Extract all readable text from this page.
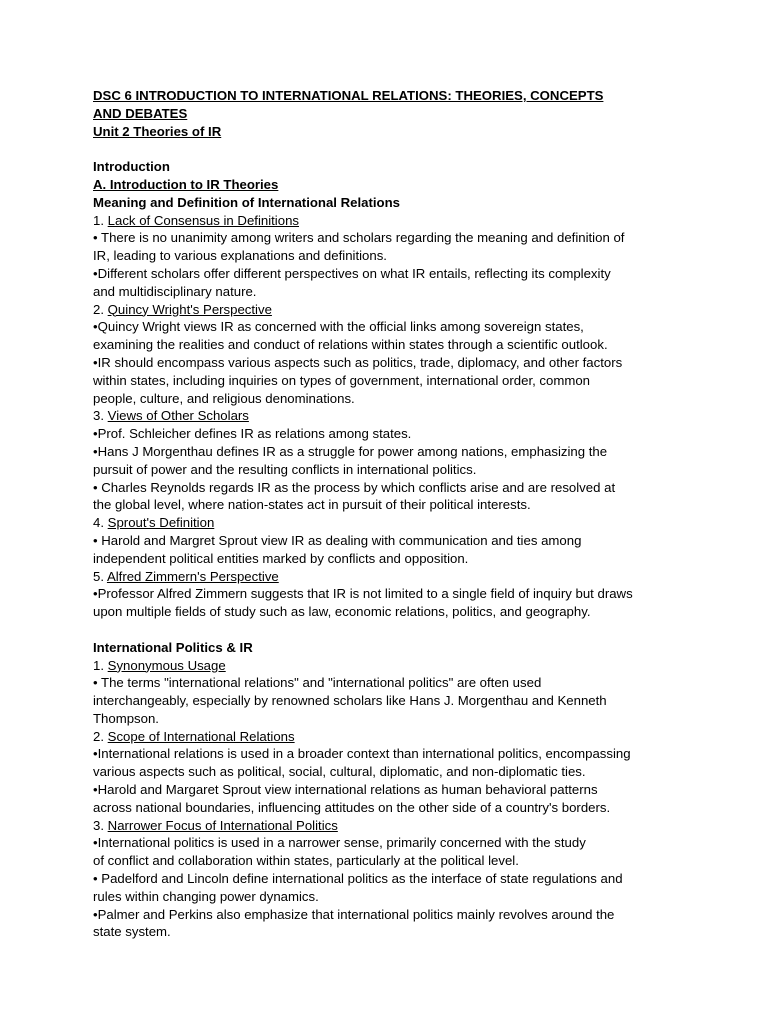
DSC 6 INTRODUCTION TO INTERNATIONAL RELATIONS: THEORIES, CONCEPTS
AND DEBATES
Unit 2 Theories of IR
Introduction
A. Introduction to IR Theories
Meaning and Definition of International Relations
1. Lack of Consensus in Definitions
• There is no unanimity among writers and scholars regarding the meaning and definition of
IR, leading to various explanations and definitions.
•Different scholars offer different perspectives on what IR entails, reflecting its complexity
and multidisciplinary nature.
2. Quincy Wright's Perspective
•Quincy Wright views IR as concerned with the official links among sovereign states,
examining the realities and conduct of relations within states through a scientific outlook.
•IR should encompass various aspects such as politics, trade, diplomacy, and other factors
within states, including inquiries on types of government, international order, common
people, culture, and religious denominations.
3. Views of Other Scholars
•Prof. Schleicher defines IR as relations among states.
•Hans J Morgenthau defines IR as a struggle for power among nations, emphasizing the
pursuit of power and the resulting conflicts in international politics.
• Charles Reynolds regards IR as the process by which conflicts arise and are resolved at
the global level, where nation-states act in pursuit of their political interests.
4. Sprout's Definition
• Harold and Margret Sprout view IR as dealing with communication and ties among
independent political entities marked by conflicts and opposition.
5. Alfred Zimmern's Perspective
•Professor Alfred Zimmern suggests that IR is not limited to a single field of inquiry but draws
upon multiple fields of study such as law, economic relations, politics, and geography.
International Politics & IR
1. Synonymous Usage
• The terms "international relations" and "international politics" are often used
interchangeably, especially by renowned scholars like Hans J. Morgenthau and Kenneth
Thompson.
2. Scope of International Relations
•International relations is used in a broader context than international politics, encompassing
various aspects such as political, social, cultural, diplomatic, and non-diplomatic ties.
•Harold and Margaret Sprout view international relations as human behavioral patterns
across national boundaries, influencing attitudes on the other side of a country's borders.
3. Narrower Focus of International Politics
•International politics is used in a narrower sense, primarily concerned with the study
of conflict and collaboration within states, particularly at the political level.
• Padelford and Lincoln define international politics as the interface of state regulations and
rules within changing power dynamics.
•Palmer and Perkins also emphasize that international politics mainly revolves around the
state system.
